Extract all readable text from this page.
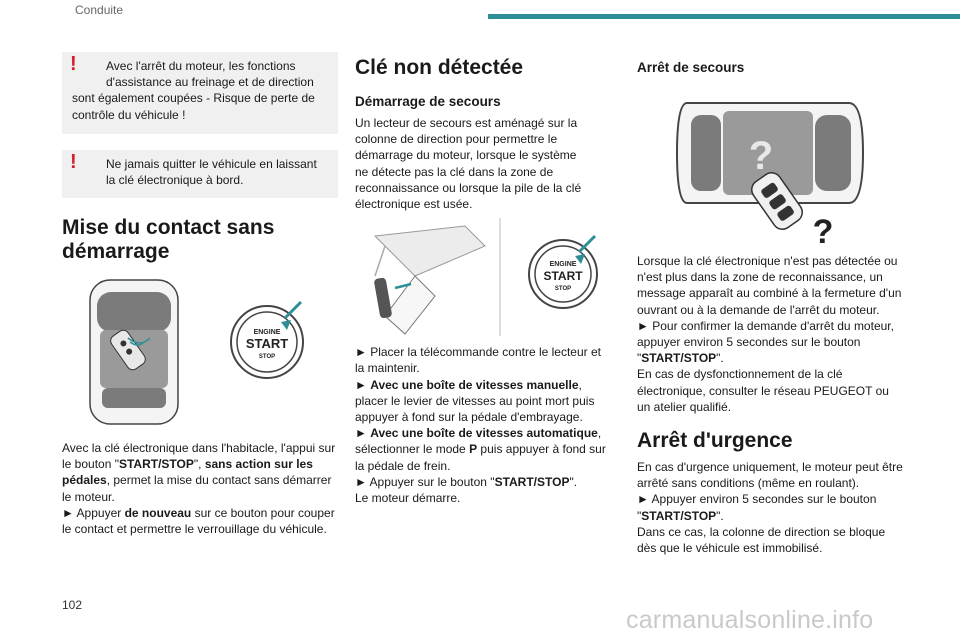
Conduite
!	Avec l'arrêt du moteur, les fonctions
d'assistance au freinage et de direction
sont également coupées - Risque de perte de contrôle du véhicule !
!	Ne jamais quitter le véhicule en laissant
la clé électronique à bord.
Mise du contact sans démarrage
ENGINE
START
STOP

Avec la clé électronique dans l'habitacle, l'appui sur le bouton "START/STOP", sans action sur les pédales, permet la mise du contact sans démarrer le moteur.
► Appuyer de nouveau sur ce bouton pour couper le contact et permettre le verrouillage du véhicule.

Clé non détectée
Démarrage de secours

Un lecteur de secours est aménagé sur la colonne de direction pour permettre le démarrage du moteur, lorsque le système ne détecte pas la clé dans la zone de reconnaissance ou lorsque la pile de la clé électronique est usée.

ENGINE
START
STOP

► Placer la télécommande contre le lecteur et la maintenir.
► Avec une boîte de vitesses manuelle, placer le levier de vitesses au point mort puis appuyer à fond sur la pédale d'embrayage.
► Avec une boîte de vitesses automatique, sélectionner le mode P puis appuyer à fond sur la pédale de frein.
► Appuyer sur le bouton "START/STOP".
Le moteur démarre.

Arrêt de secours
?
?

Lorsque la clé électronique n'est pas détectée ou n'est plus dans la zone de reconnaissance, un message apparaît au combiné à la fermeture d'un ouvrant ou à la demande de l'arrêt du moteur.
► Pour confirmer la demande d'arrêt du moteur, appuyer environ 5 secondes sur le bouton "START/STOP".
En cas de dysfonctionnement de la clé électronique, consulter le réseau PEUGEOT ou un atelier qualifié.

Arrêt d'urgence

En cas d'urgence uniquement, le moteur peut être arrêté sans conditions (même en roulant).
► Appuyer environ 5 secondes sur le bouton "START/STOP".
Dans ce cas, la colonne de direction se bloque dès que le véhicule est immobilisé.

102
carmanualsonline.info
